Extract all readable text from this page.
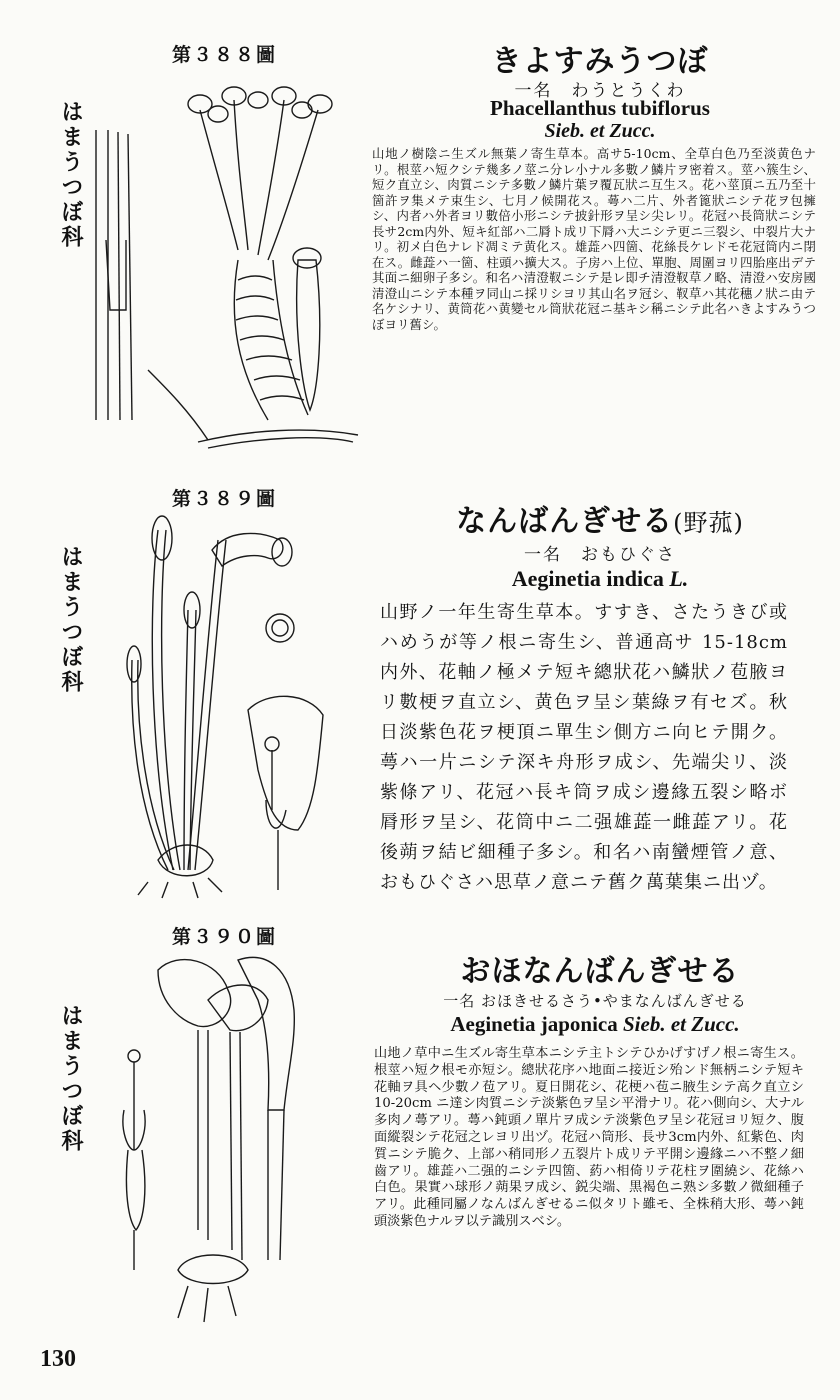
第３８８圖
はまうつぼ科
きよすみうつぼ
一名　わうとうくわ
Phacellanthus tubiflorus
Sieb. et Zucc.
山地ノ樹陰ニ生ズル無葉ノ寄生草本。高サ5-10cm、全草白色乃至淡黄色ナリ。根莖ハ短クシテ幾多ノ莖ニ分レ小ナル多數ノ鱗片ヲ密着ス。莖ハ簇生シ、短ク直立シ、肉質ニシテ多數ノ鱗片葉ヲ覆瓦狀ニ互生ス。花ハ莖頂ニ五乃至十箇許ヲ集メテ束生シ、七月ノ候開花ス。蕚ハ二片、外者篦狀ニシテ花ヲ包擁シ、内者ハ外者ヨリ數倍小形ニシテ披針形ヲ呈シ尖レリ。花冠ハ長筒狀ニシテ長サ2cm内外、短キ紅部ハ二脣ト成リ下脣ハ大ニシテ更ニ三裂シ、中裂片大ナリ。初メ白色ナレド凋ミテ黄化ス。雄蕋ハ四箇、花絲長ケレドモ花冠筒内ニ閉在ス。雌蕋ハ一箇、柱頭ハ擴大ス。子房ハ上位、單胞、周圍ヨリ四胎座出デテ其面ニ細卵子多シ。和名ハ清澄靫ニシテ是レ即チ清澄靫草ノ略、清澄ハ安房國清澄山ニシテ本種ヲ同山ニ採リシヨリ其山名ヲ冠シ、靫草ハ其花穗ノ狀ニ由テ名ケシナリ、黄筒花ハ黄變セル筒狀花冠ニ基キシ稱ニシテ此名ハきよすみうつぼヨリ舊シ。
第３８９圖
はまうつぼ科
なんばんぎせる(野菰)
一名　おもひぐさ
Aeginetia indica L.
山野ノ一年生寄生草本。すすき、さたうきび或ハめうが等ノ根ニ寄生シ、普通高サ 15-18cm 内外、花軸ノ極メテ短キ總狀花ハ鱗狀ノ苞腋ヨリ數梗ヲ直立シ、黄色ヲ呈シ葉綠ヲ有セズ。秋日淡紫色花ヲ梗頂ニ單生シ側方ニ向ヒテ開ク。蕚ハ一片ニシテ深キ舟形ヲ成シ、先端尖リ、淡紫條アリ、花冠ハ長キ筒ヲ成シ邊緣五裂シ略ボ脣形ヲ呈シ、花筒中ニ二强雄蕋一雌蕋アリ。花後蒴ヲ結ビ細種子多シ。和名ハ南蠻煙管ノ意、おもひぐさハ思草ノ意ニテ舊ク萬葉集ニ出ヅ。
第３９０圖
はまうつぼ科
おほなんばんぎせる
一名 おほきせるさう•やまなんばんぎせる
Aeginetia japonica Sieb. et Zucc.
山地ノ草中ニ生ズル寄生草本ニシテ主トシテひかげすげノ根ニ寄生ス。根莖ハ短ク根モ亦短シ。總狀花序ハ地面ニ接近シ殆ンド無柄ニシテ短キ花軸ヲ具ヘ少數ノ苞アリ。夏日開花シ、花梗ハ苞ニ腋生シテ高ク直立シ10-20cm ニ達シ肉質ニシテ淡紫色ヲ呈シ平滑ナリ。花ハ側向シ、大ナル多肉ノ蕚アリ。蕚ハ鈍頭ノ單片ヲ成シテ淡紫色ヲ呈シ花冠ヨリ短ク、腹面縱裂シテ花冠之レヨリ出ヅ。花冠ハ筒形、長サ3cm内外、紅紫色、肉質ニシテ脆ク、上部ハ稍同形ノ五裂片ト成リテ平開シ邊緣ニハ不整ノ細齒アリ。雄蕋ハ二强的ニシテ四箇、葯ハ相倚リテ花柱ヲ圍繞シ、花絲ハ白色。果實ハ球形ノ蒴果ヲ成シ、鋭尖端、黒褐色ニ熟シ多數ノ微細種子アリ。此種同屬ノなんばんぎせるニ似タリト雖モ、全株稍大形、蕚ハ鈍頭淡紫色ナルヲ以テ識別スベシ。
130
